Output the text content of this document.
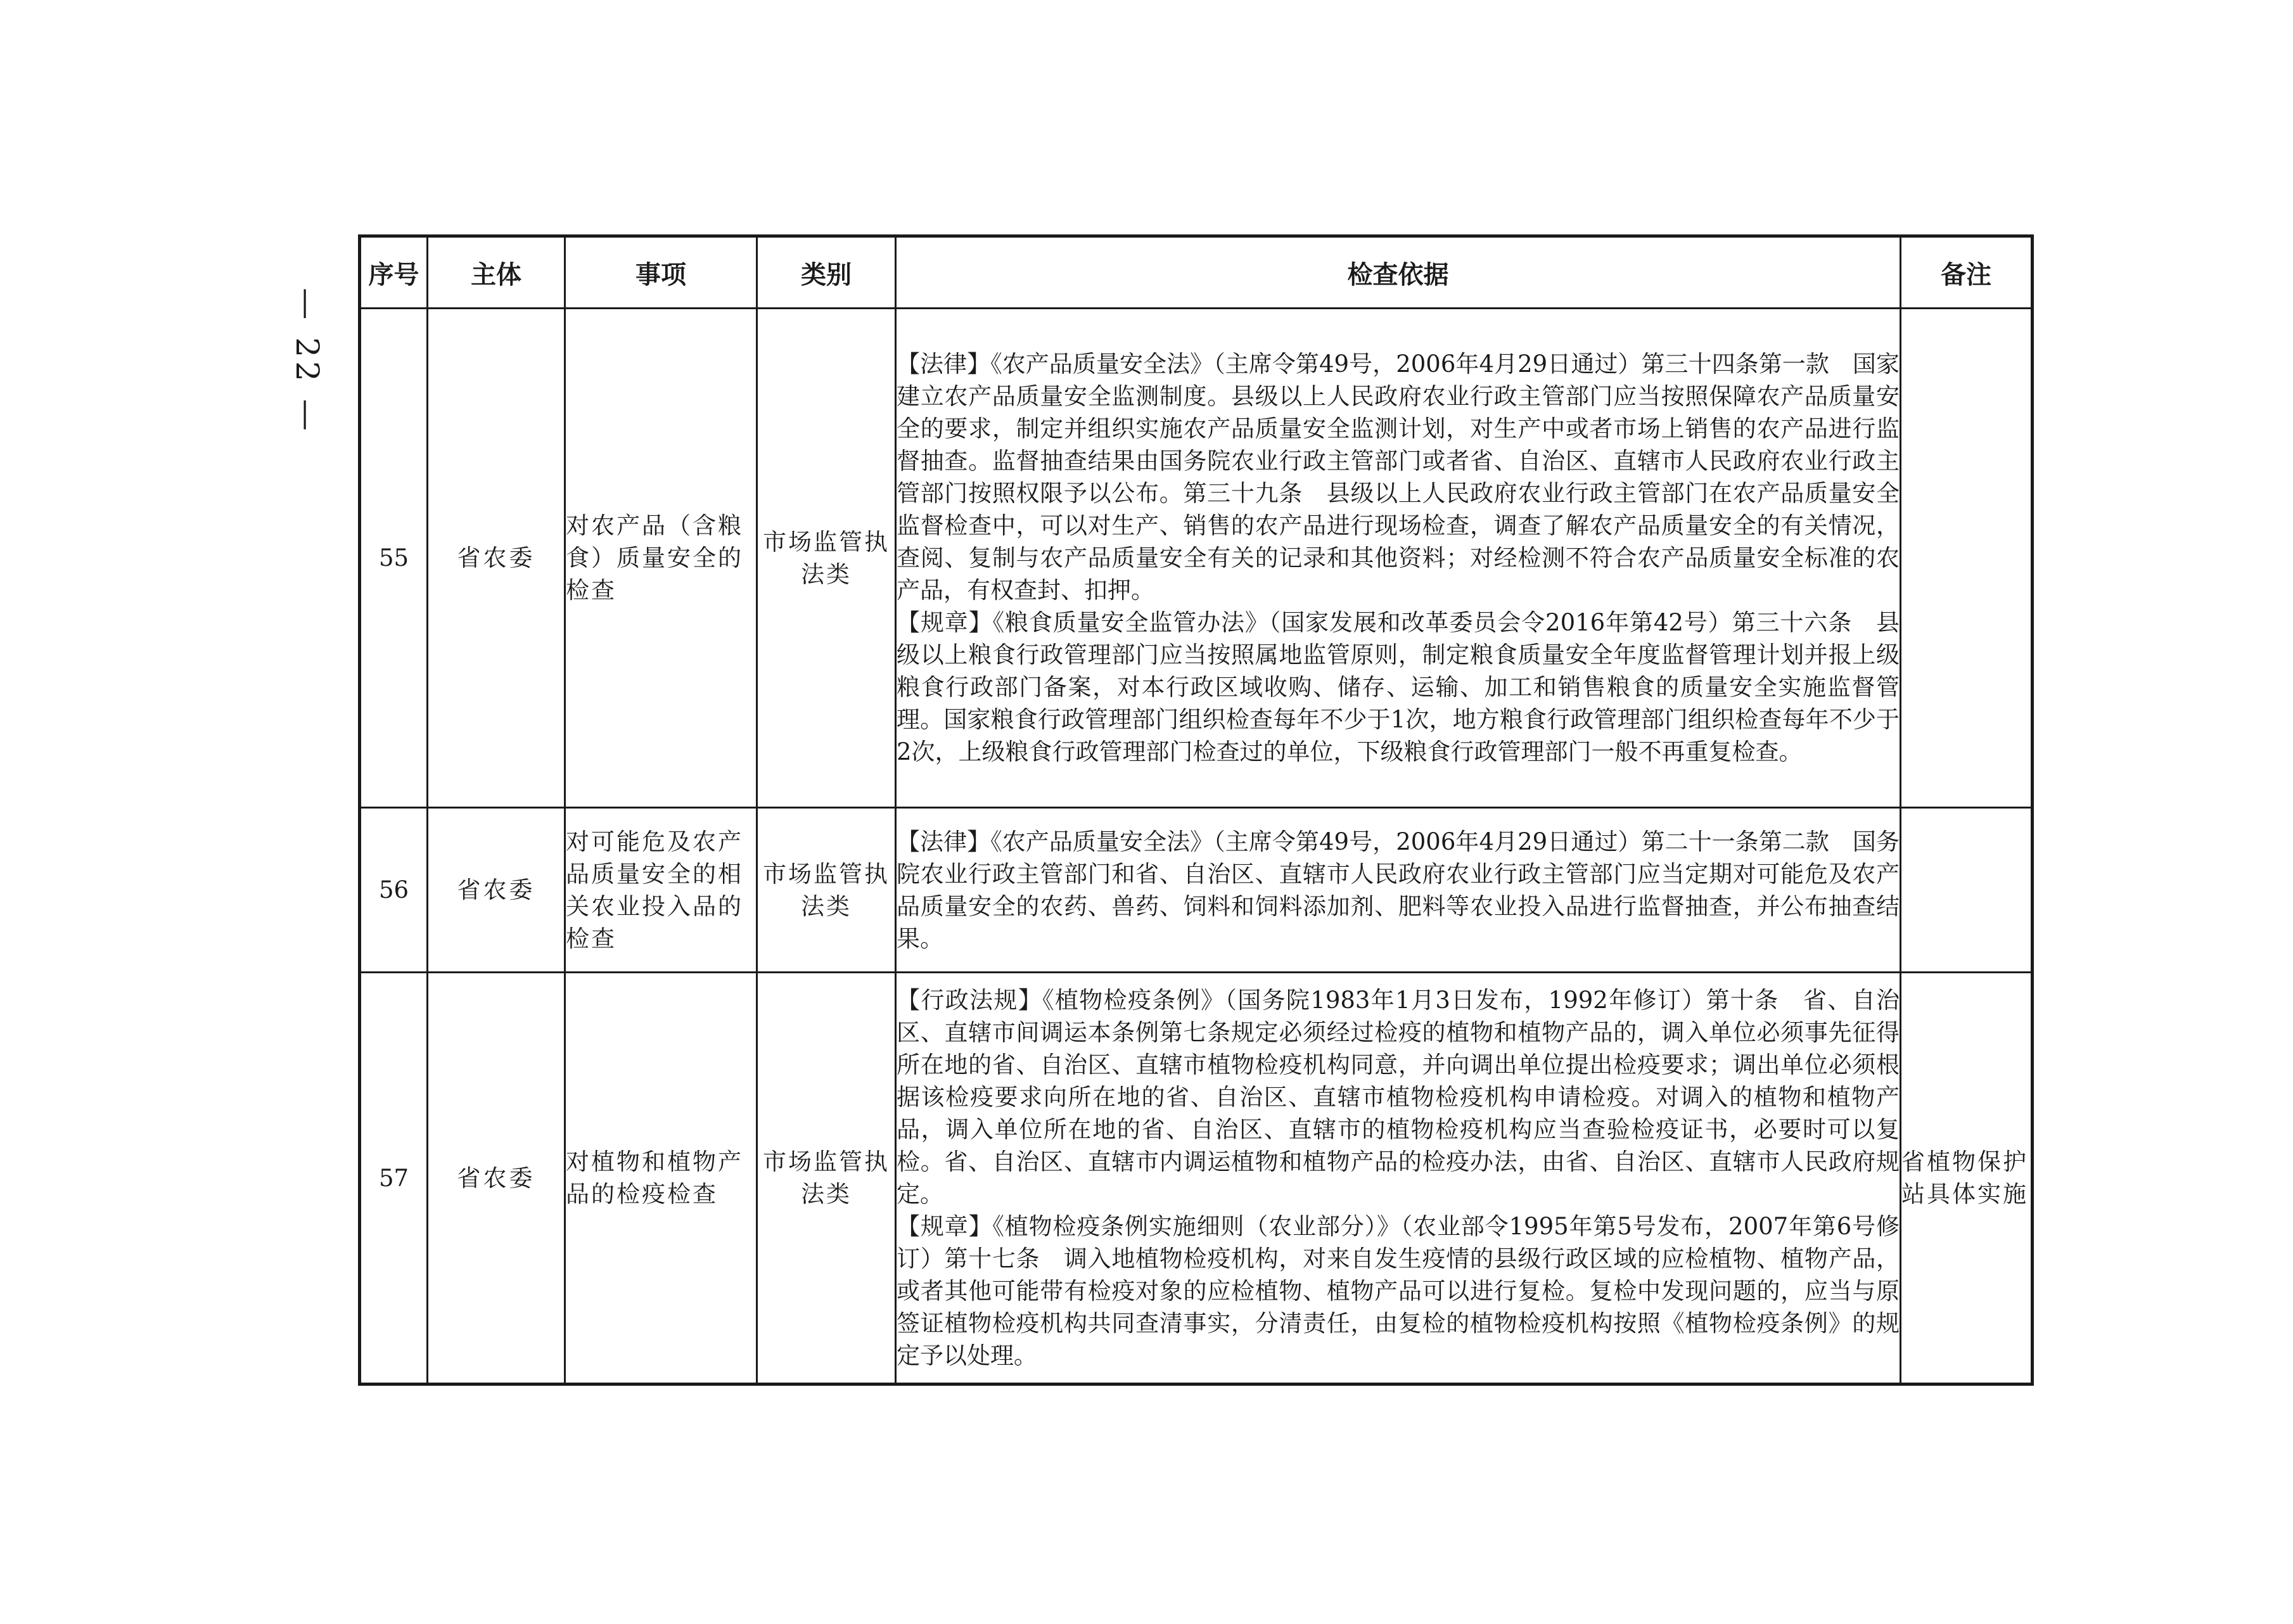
— 22 —
序号	主体	事项	类别	检查依据	备注
55	省农委	对农产品（含粮食）质量安全的检查	市场监管执法类	【法律】《农产品质量安全法》（主席令第49号，2006年4月29日通过）第三十四条第一款　国家建立农产品质量安全监测制度。县级以上人民政府农业行政主管部门应当按照保障农产品质量安全的要求，制定并组织实施农产品质量安全监测计划，对生产中或者市场上销售的农产品进行监督抽查。监督抽查结果由国务院农业行政主管部门或者省、自治区、直辖市人民政府农业行政主管部门按照权限予以公布。第三十九条　县级以上人民政府农业行政主管部门在农产品质量安全监督检查中，可以对生产、销售的农产品进行现场检查，调查了解农产品质量安全的有关情况，查阅、复制与农产品质量安全有关的记录和其他资料；对经检测不符合农产品质量安全标准的农产品，有权查封、扣押。

【规章】《粮食质量安全监管办法》（国家发展和改革委员会令2016年第42号）第三十六条　县级以上粮食行政管理部门应当按照属地监管原则，制定粮食质量安全年度监督管理计划并报上级粮食行政部门备案，对本行政区域收购、储存、运输、加工和销售粮食的质量安全实施监督管理。国家粮食行政管理部门组织检查每年不少于1次，地方粮食行政管理部门组织检查每年不少于2次，上级粮食行政管理部门检查过的单位，下级粮食行政管理部门一般不再重复检查。	

56	省农委	对可能危及农产品质量安全的相关农业投入品的检查	市场监管执法类	【法律】《农产品质量安全法》（主席令第49号，2006年4月29日通过）第二十一条第二款　国务院农业行政主管部门和省、自治区、直辖市人民政府农业行政主管部门应当定期对可能危及农产品质量安全的农药、兽药、饲料和饲料添加剂、肥料等农业投入品进行监督抽查，并公布抽查结果。	

57	省农委	对植物和植物产品的检疫检查	市场监管执法类	【行政法规】《植物检疫条例》（国务院1983年1月3日发布，1992年修订）第十条　省、自治区、直辖市间调运本条例第七条规定必须经过检疫的植物和植物产品的，调入单位必须事先征得所在地的省、自治区、直辖市植物检疫机构同意，并向调出单位提出检疫要求；调出单位必须根据该检疫要求向所在地的省、自治区、直辖市植物检疫机构申请检疫。对调入的植物和植物产品，调入单位所在地的省、自治区、直辖市的植物检疫机构应当查验检疫证书，必要时可以复检。省、自治区、直辖市内调运植物和植物产品的检疫办法，由省、自治区、直辖市人民政府规定。

【规章】《植物检疫条例实施细则（农业部分）》（农业部令1995年第5号发布，2007年第6号修订）第十七条　调入地植物检疫机构，对来自发生疫情的县级行政区域的应检植物、植物产品，或者其他可能带有检疫对象的应检植物、植物产品可以进行复检。复检中发现问题的，应当与原签证植物检疫机构共同查清事实，分清责任，由复检的植物检疫机构按照《植物检疫条例》的规定予以处理。	省植物保护站具体实施
